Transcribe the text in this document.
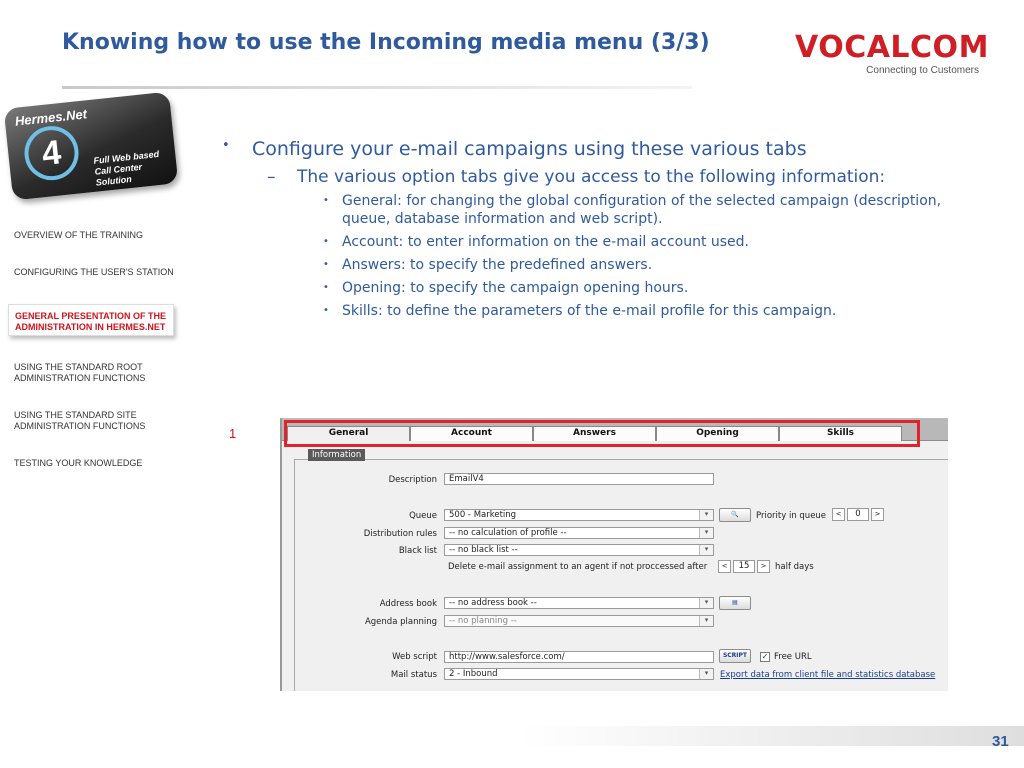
Knowing how to use the Incoming media menu (3/3)	VOCALCOM
Connecting to Customers
Hermes.Net
4	Full Web based Call Center Solution
OVERVIEW OF THE TRAINING
CONFIGURING THE USER'S STATION
GENERAL PRESENTATION OF THE ADMINISTRATION IN HERMES.NET
USING THE STANDARD ROOT ADMINISTRATION FUNCTIONS
USING THE STANDARD SITE ADMINISTRATION FUNCTIONS
TESTING YOUR KNOWLEDGE
• Configure your e-mail campaigns using these various tabs
– The various option tabs give you access to the following information:
• General: for changing the global configuration of the selected campaign (description, queue, database information and web script).
• Account: to enter information on the e-mail account used.
• Answers: to specify the predefined answers.
• Opening: to specify the campaign opening hours.
• Skills: to define the parameters of the e-mail profile for this campaign.
1	General	Account	Answers	Opening	Skills
Information
Description	EmailV4
Queue	500 - Marketing	▾	🔍	Priority in queue	<	0	>
Distribution rules	-- no calculation of profile --	▾
Black list	-- no black list --	▾
Delete e-mail assignment to an agent if not proccessed after	<	15	>	half days
Address book	-- no address book --	▾	▤
Agenda planning	-- no planning --	▾
Web script	http://www.salesforce.com/	SCRIPT	✓ Free URL
Mail status	2 - Inbound	▾	Export data from client file and statistics database
31
